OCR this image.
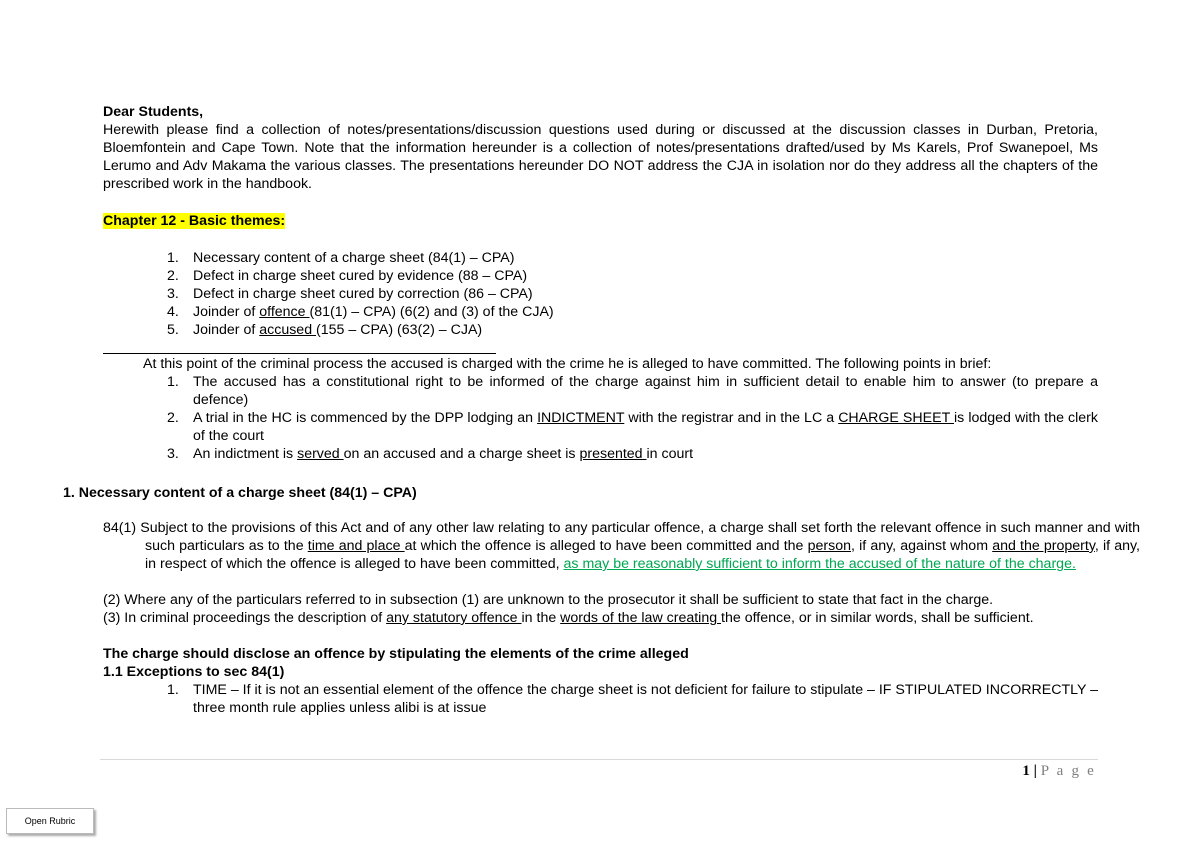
Dear Students,
Herewith please find a collection of notes/presentations/discussion questions used during or discussed at the discussion classes in Durban, Pretoria, Bloemfontein and Cape Town. Note that the information hereunder is a collection of notes/presentations drafted/used by Ms Karels, Prof Swanepoel, Ms Lerumo and Adv Makama the various classes. The presentations hereunder DO NOT address the CJA in isolation nor do they address all the chapters of the prescribed work in the handbook.
Chapter 12 - Basic themes:
1. Necessary content of a charge sheet (84(1) – CPA)
2. Defect in charge sheet cured by evidence (88 – CPA)
3. Defect in charge sheet cured by correction (86 – CPA)
4. Joinder of offence (81(1) – CPA) (6(2) and (3) of the CJA)
5. Joinder of accused (155 – CPA) (63(2) – CJA)
At this point of the criminal process the accused is charged with the crime he is alleged to have committed. The following points in brief:
1. The accused has a constitutional right to be informed of the charge against him in sufficient detail to enable him to answer (to prepare a defence)
2. A trial in the HC is commenced by the DPP lodging an INDICTMENT with the registrar and in the LC a CHARGE SHEET is lodged with the clerk of the court
3. An indictment is served on an accused and a charge sheet is presented in court
1. Necessary content of a charge sheet (84(1) – CPA)
84(1) Subject to the provisions of this Act and of any other law relating to any particular offence, a charge shall set forth the relevant offence in such manner and with such particulars as to the time and place at which the offence is alleged to have been committed and the person, if any, against whom and the property, if any, in respect of which the offence is alleged to have been committed, as may be reasonably sufficient to inform the accused of the nature of the charge.
(2) Where any of the particulars referred to in subsection (1) are unknown to the prosecutor it shall be sufficient to state that fact in the charge.
(3) In criminal proceedings the description of any statutory offence in the words of the law creating the offence, or in similar words, shall be sufficient.
The charge should disclose an offence by stipulating the elements of the crime alleged
1.1 Exceptions to sec 84(1)
1. TIME – If it is not an essential element of the offence the charge sheet is not deficient for failure to stipulate – IF STIPULATED INCORRECTLY – three month rule applies unless alibi is at issue
1 | P a g e
Open Rubric
